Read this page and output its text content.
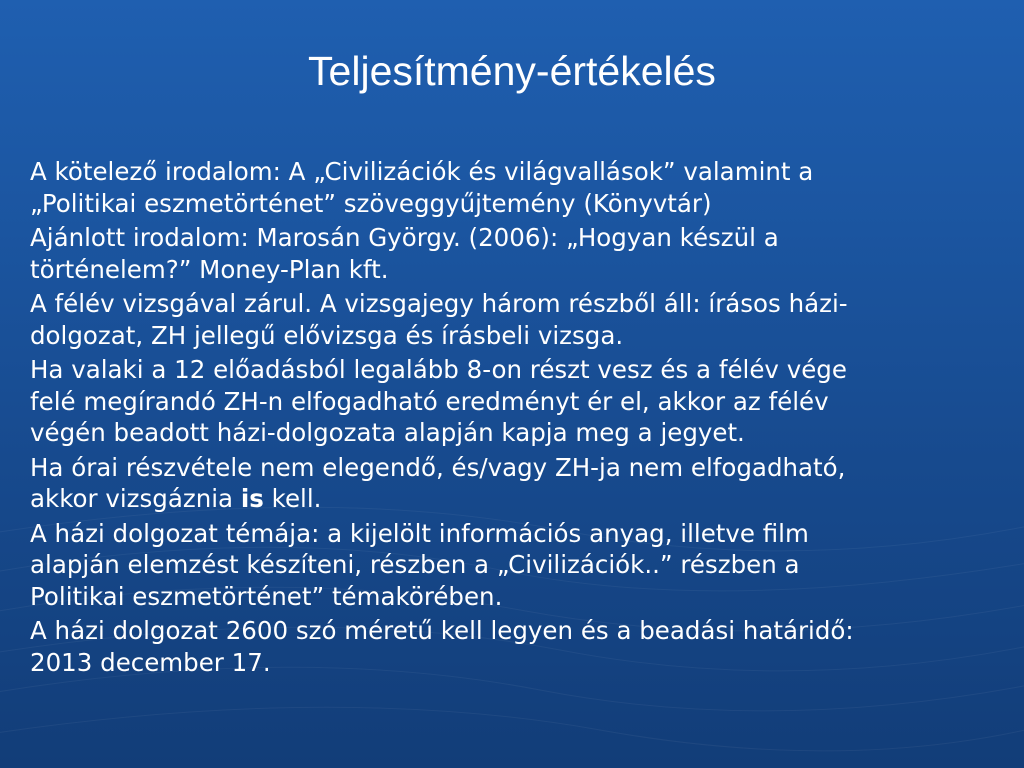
Teljesítmény-értékelés

A kötelező irodalom: A „Civilizációk és világvallások” valamint a
„Politikai eszmetörténet” szöveggyűjtemény (Könyvtár)

Ajánlott irodalom: Marosán György. (2006): „Hogyan készül a
történelem?” Money-Plan kft.

A félév vizsgával zárul. A vizsgajegy három részből áll: írásos házi-
dolgozat, ZH jellegű elővizsga és írásbeli vizsga.

Ha valaki a 12 előadásból legalább 8-on részt vesz és a félév vége
felé megírandó ZH-n elfogadható eredményt ér el, akkor az félév
végén beadott házi-dolgozata alapján kapja meg a jegyet.

Ha órai részvétele nem elegendő, és/vagy ZH-ja nem elfogadható,
akkor vizsgáznia is kell.

A házi dolgozat témája: a kijelölt információs anyag, illetve film
alapján elemzést készíteni, részben a „Civilizációk..” részben a
Politikai eszmetörténet” témakörében.

A házi dolgozat 2600 szó méretű kell legyen és a beadási határidő:
2013 december 17.
